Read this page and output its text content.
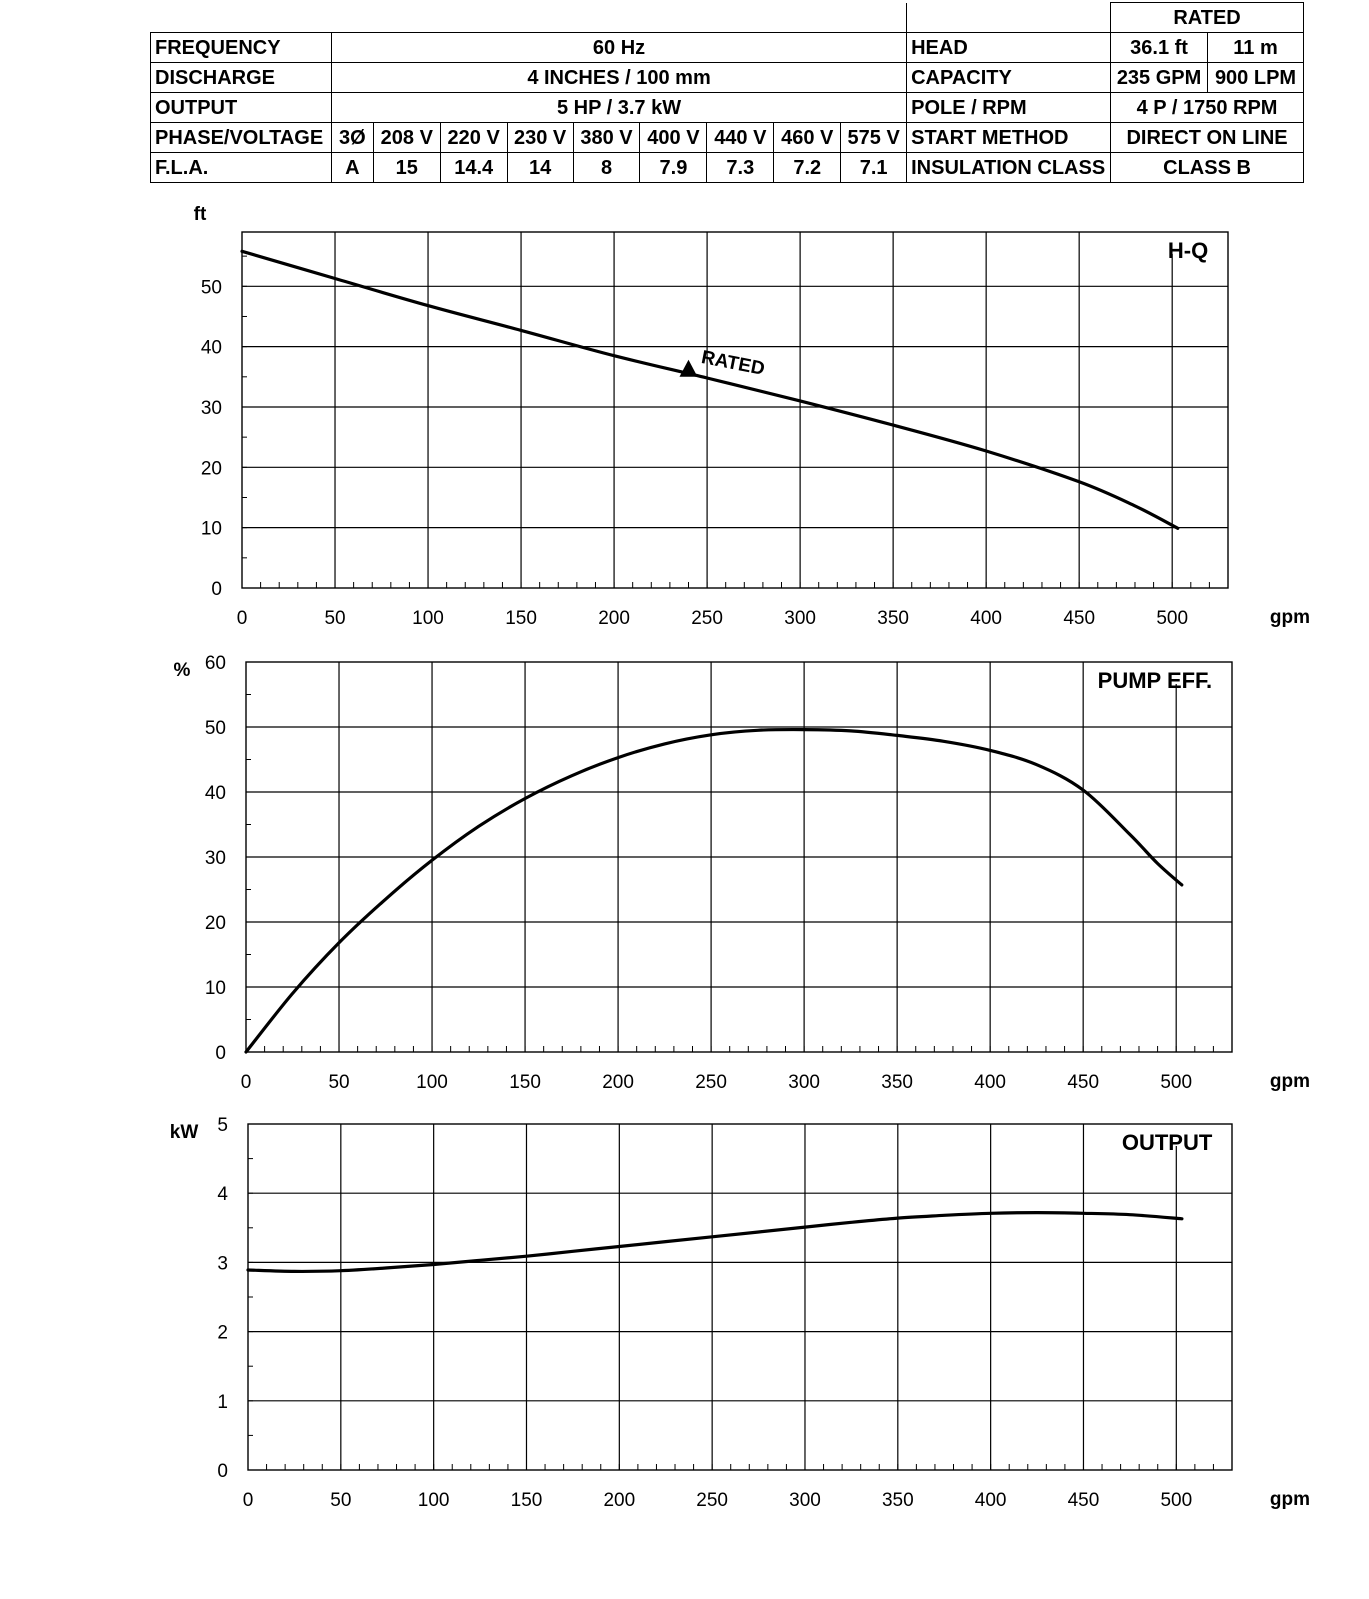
											RATED	
FREQUENCY	60 Hz									HEAD	36.1 ft	11 m
DISCHARGE	4 INCHES / 100 mm									CAPACITY	235 GPM	900 LPM
OUTPUT	5 HP / 3.7 kW									POLE / RPM	4 P / 1750 RPM	
PHASE/VOLTAGE	3Ø	208 V	220 V	230 V	380 V	400 V	440 V	460 V	575 V	START METHOD	DIRECT ON LINE	
F.L.A.	A	15	14.4	14	8	7.9	7.3	7.2	7.1	INSULATION CLASS	CLASS B	
0	50	100	150	200	250	300	350	400	450	500
0
10
20
30
40
50
ft
gpm
H-Q
RATED
0	50	100	150	200	250	300	350	400	450	500
0
10
20
30
40
50
60
%
gpm
PUMP EFF.
0	50	100	150	200	250	300	350	400	450	500
0
1
2
3
4
5
kW
gpm
OUTPUT
